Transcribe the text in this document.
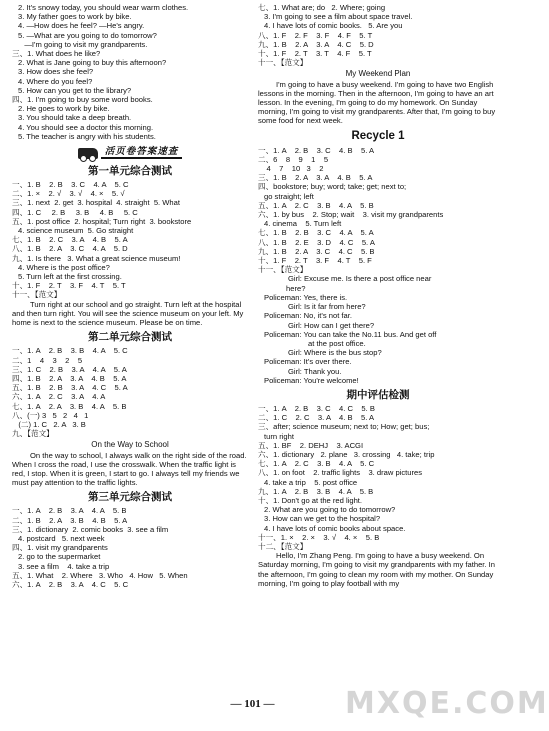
2. It's snowy today, you should wear warm clothes.
3. My father goes to work by bike.
4. —How does he feel? —He's angry.
5. —What are you going to do tomorrow?
—I'm going to visit my grandparents.
三、1. What does he like?
2. What is Jane going to buy this afternoon?
3. How does she feel?
4. Where do you feel?
5. How can you get to the library?
四、1. I'm going to buy some word books.
2. He goes to work by bike.
3. You should take a deep breath.
4. You should see a doctor this morning.
5. The teacher is angry with his students.
活页卷答案速查
第一单元综合测试
一、1. B    2. B    3. C    4. A    5. C
二、1. ×    2. √    3. √    4. ×    5. √
三、1. next  2. get  3. hospital  4. straight  5. What
四、1. C     2. B     3. B     4. B     5. C
五、1. post office  2. hospital; Turn right  3. bookstore
4. science museum  5. Go straight
七、1. B    2. C    3. A    4. B    5. A
八、1. B    2. A    3. C    4. A    5. D
九、1. Is there   3. What a great science museum!
4. Where is the post office?
5. Turn left at the first crossing.
十、1. F    2. T    3. F    4. T    5. T
十一、【范文】
Turn right at our school and go straight. Turn left at the hospital and then turn right. You will see the science museum on your left. My home is next to the science museum. Please be on time.
第二单元综合测试
一、1. A    2. B    3. B    4. A    5. C
二、1    4    3    2    5
三、1. C    2. B    3. A    4. A    5. A
四、1. B    2. A    3. A    4. B    5. A
五、1. B    2. B    3. A    4. C    5. A
六、1. A    2. C    3. A    4. A
七、1. A    2. A    3. B    4. A    5. B
八、(一) 3   5   2   4   1
(二) 1. C   2. A   3. B
九、【范文】
On the Way to School
On the way to school, I always walk on the right side of the road. When I cross the road, I use the crosswalk. When the traffic light is red, I stop. When it is green, I start to go. I always tell my friends we must pay attention to the traffic lights.
第三单元综合测试
一、1. A    2. B    3. A    4. A    5. B
二、1. B    2. A    3. B    4. B    5. A
三、1. dictionary  2. comic books  3. see a film
4. postcard   5. next week
四、1. visit my grandparents
2. go to the supermarket
3. see a film    4. take a trip
五、1. What    2. Where   3. Who   4. How   5. When
六、1. A    2. B    3. A    4. C    5. C
七、1. What are; do   2. Where; going
3. I'm going to see a film about space travel.
4. I have lots of comic books.   5. Are you
八、1. F    2. F    3. F    4. F    5. T
九、1. B    2. A    3. A    4. C    5. D
十、1. F    2. T    3. T    4. F    5. T
十一、【范文】
My Weekend Plan
I'm going to have a busy weekend. I'm going to have two English lessons in the morning. Then in the afternoon, I'm going to have an art lesson. In the evening, I'm going to do my homework. On Sunday morning, I'm going to visit my grandparents. After that, I'm going to buy some food for next week.
Recycle 1
一、1. A    2. B    3. C    4. B    5. A
二、6    8    9    1    5
4    7    10   3    2
三、1. B    2. A    3. A    4. B    5. A
四、bookstore; buy; word; take; get; next to;
go straight; left
五、1. A    2. C    3. B    4. A    5. B
六、1. by bus    2. Stop; wait    3. visit my grandparents
4. cinema    5. Turn left
七、1. B    2. B    3. C    4. A    5. A
八、1. B    2. E    3. D    4. C    5. A
九、1. B    2. A    3. C    4. C    5. B
十、1. F    2. T    3. F    4. T    5. F
十一、【范文】
Girl: Excuse me. Is there a post office near
here?
Policeman: Yes, there is.
Girl: Is it far from here?
Policeman: No, it's not far.
Girl: How can I get there?
Policeman: You can take the No.11 bus. And get off
at the post office.
Girl: Where is the bus stop?
Policeman: It's over there.
Girl: Thank you.
Policeman: You're welcome!
期中评估检测
一、1. A    2. B    3. C    4. C    5. B
二、1. C    2. C    3. A    4. B    5. A
三、after; science museum; next to; How; get; bus;
turn right
五、1. BF    2. DEHJ    3. ACGI
六、1. dictionary   2. plane   3. crossing   4. take; trip
七、1. A    2. C    3. B    4. A    5. C
八、1. on foot    2. traffic lights    3. draw pictures
4. take a trip    5. post office
九、1. A    2. B    3. B    4. A    5. B
十、1. Don't go at the red light.
2. What are you going to do tomorrow?
3. How can we get to the hospital?
4. I have lots of comic books about space.
十一、1. ×    2. ×    3. √    4. ×    5. B
十二、【范文】
Hello, I'm Zhang Peng. I'm going to have a busy weekend. On Saturday morning, I'm going to visit my grandparents with my father. In the afternoon, I'm going to clean my room with my mother. On Sunday morning, I'm going to play football with my
— 101 —	MXQE.COM
